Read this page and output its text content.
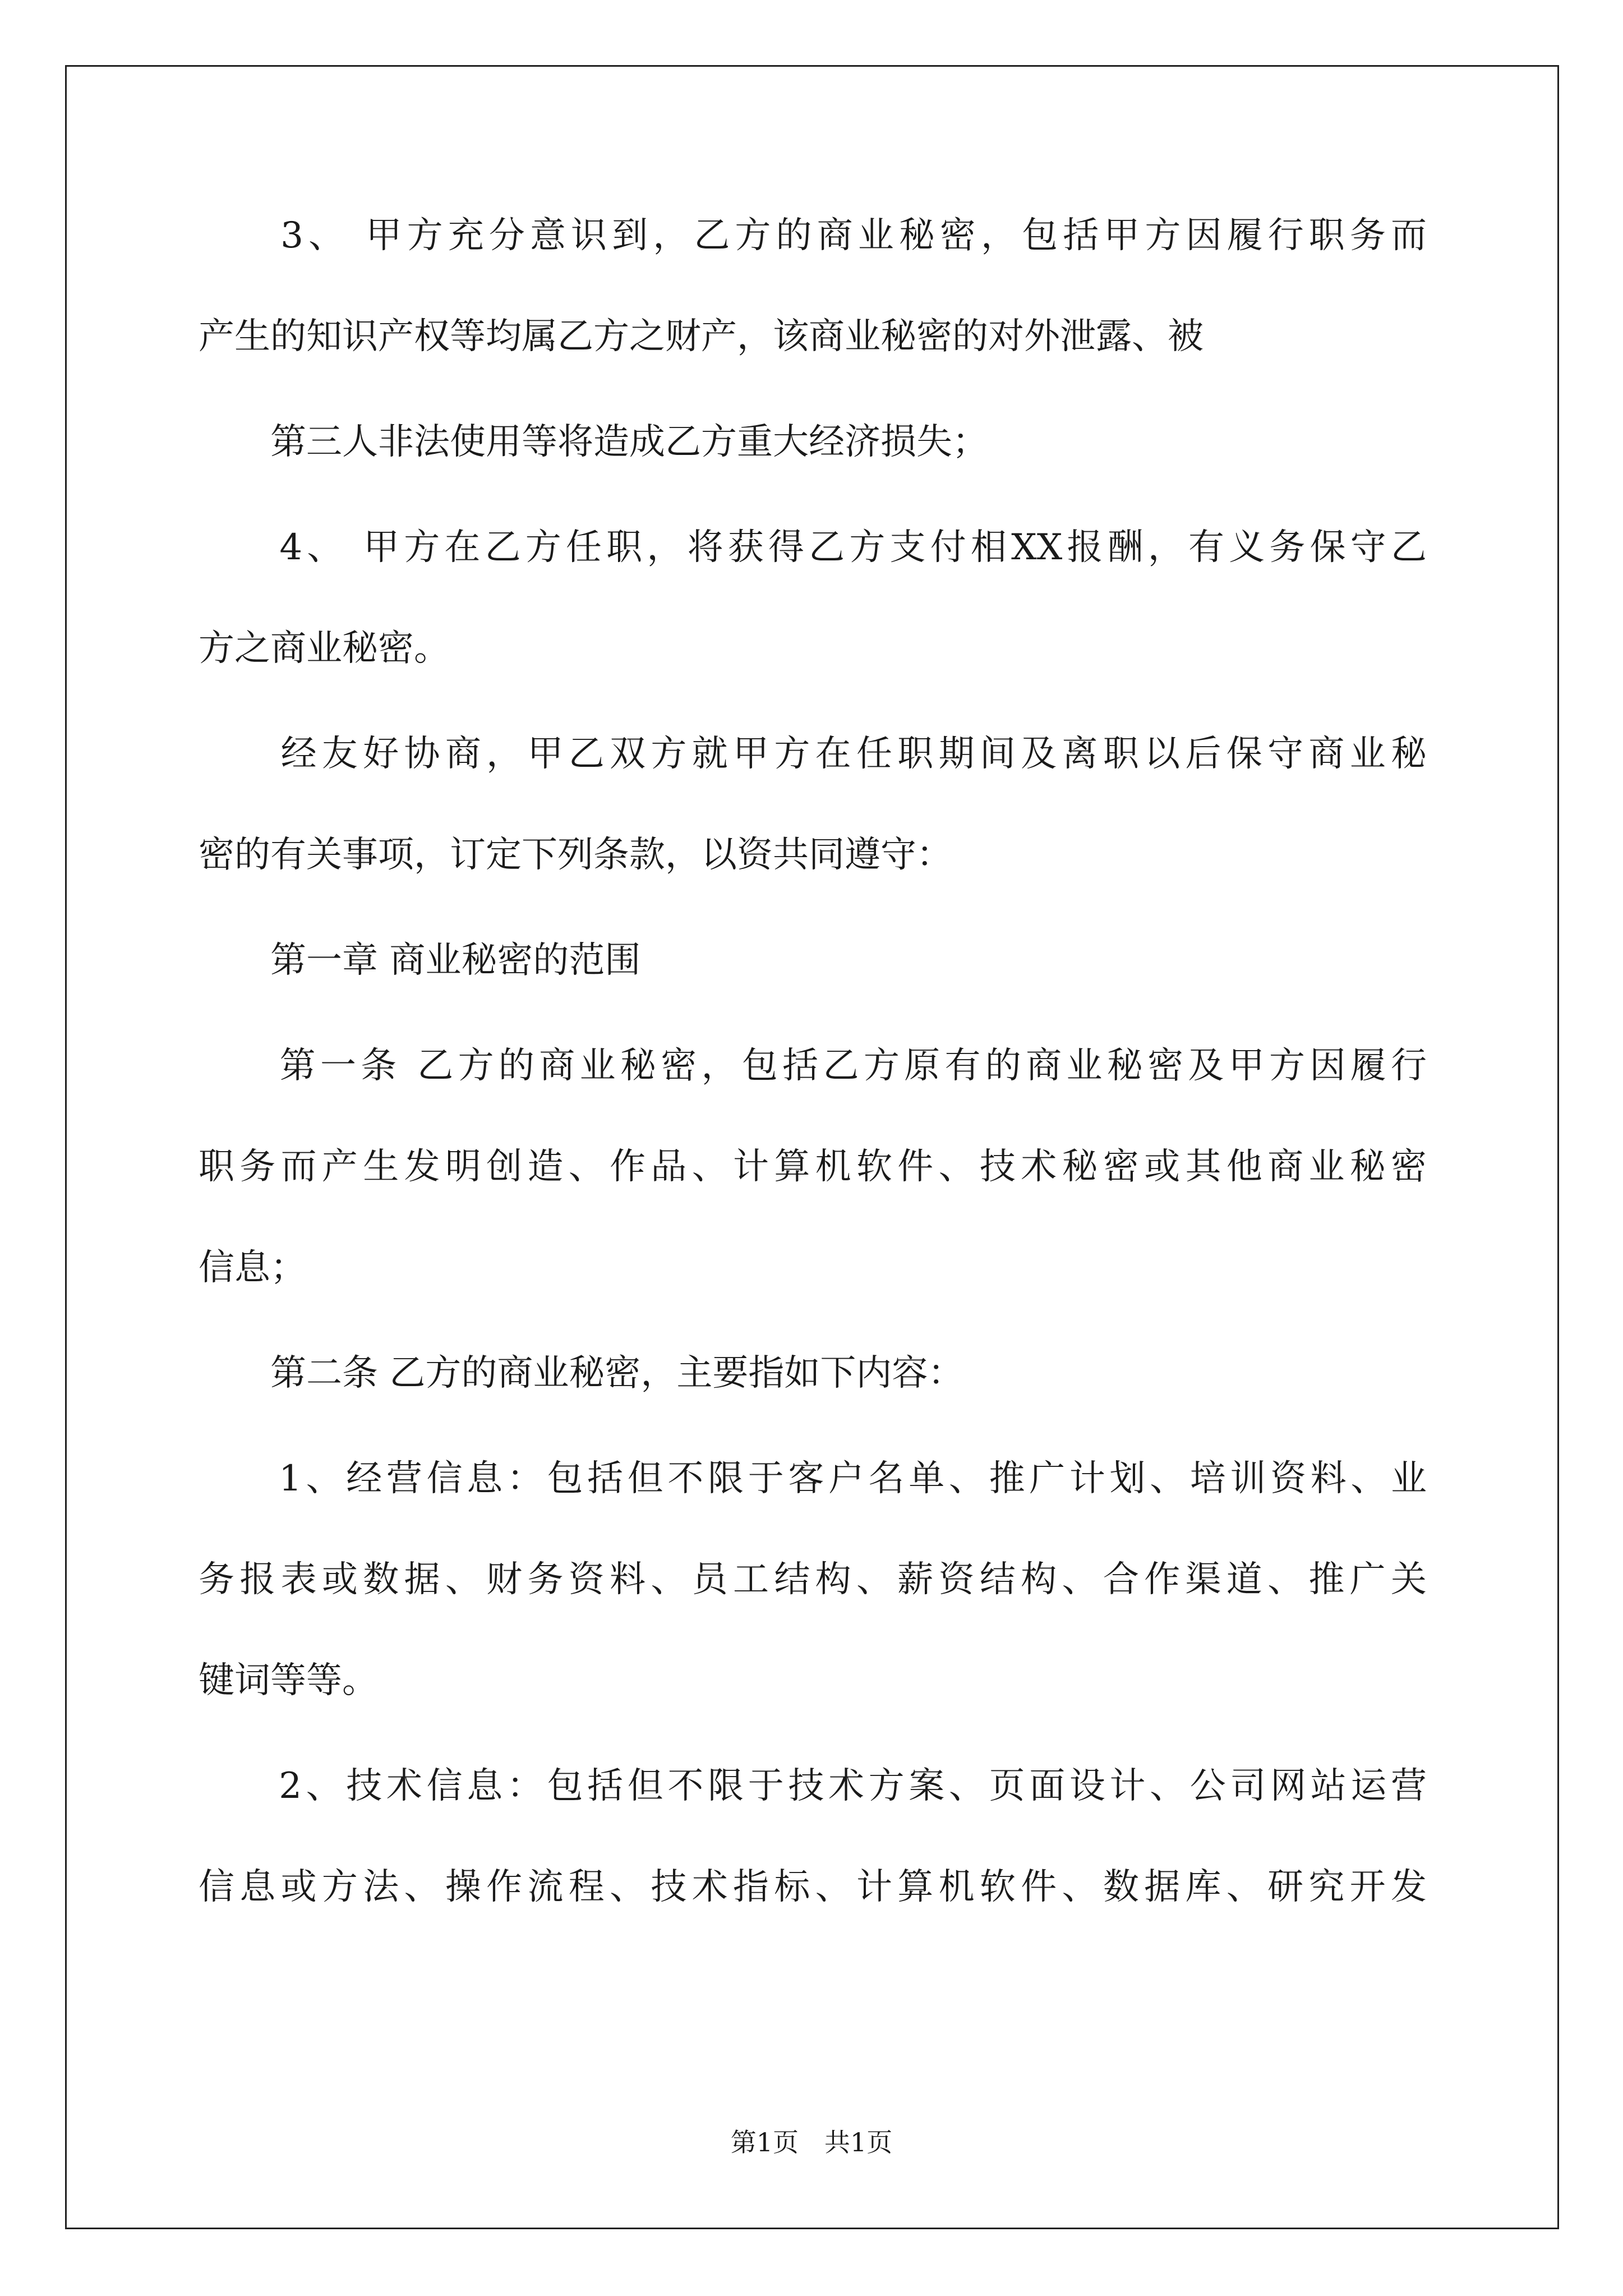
　　3、 甲方充分意识到，乙方的商业秘密，包括甲方因履行职务而
产生的知识产权等均属乙方之财产，该商业秘密的对外泄露、被
　　第三人非法使用等将造成乙方重大经济损失；
　　4、 甲方在乙方任职，将获得乙方支付相XX报酬，有义务保守乙
方之商业秘密。
　　经友好协商，甲乙双方就甲方在任职期间及离职以后保守商业秘
密的有关事项，订定下列条款，以资共同遵守：
　　第一章 商业秘密的范围
　　第一条 乙方的商业秘密，包括乙方原有的商业秘密及甲方因履行
职务而产生发明创造、作品、计算机软件、技术秘密或其他商业秘密
信息；
　　第二条 乙方的商业秘密，主要指如下内容：
　　1、经营信息：包括但不限于客户名单、推广计划、培训资料、业
务报表或数据、财务资料、员工结构、薪资结构、合作渠道、推广关
键词等等。
　　2、技术信息：包括但不限于技术方案、页面设计、公司网站运营
信息或方法、操作流程、技术指标、计算机软件、数据库、研究开发
第1页 共1页
